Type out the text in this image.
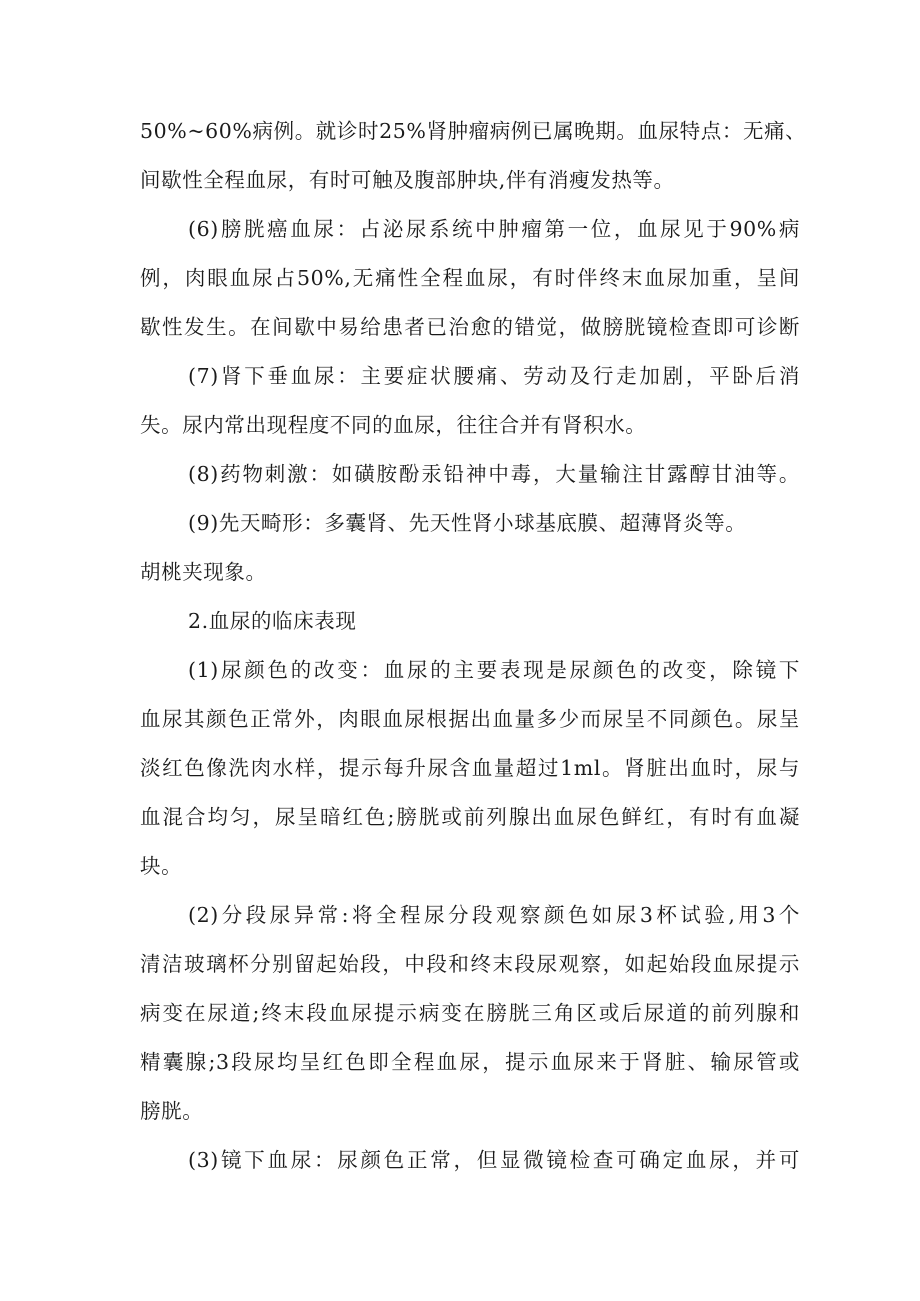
50%~60%病例。就诊时25%肾肿瘤病例已属晚期。血尿特点：无痛、
间歇性全程血尿，有时可触及腹部肿块,伴有消瘦发热等。
(6)膀胱癌血尿：占泌尿系统中肿瘤第一位，血尿见于90%病
例，肉眼血尿占50%,无痛性全程血尿，有时伴终末血尿加重，呈间
歇性发生。在间歇中易给患者已治愈的错觉，做膀胱镜检查即可诊断
(7)肾下垂血尿：主要症状腰痛、劳动及行走加剧，平卧后消
失。尿内常出现程度不同的血尿，往往合并有肾积水。
(8)药物刺激：如磺胺酚汞铅神中毒，大量输注甘露醇甘油等。
(9)先天畸形：多囊肾、先天性肾小球基底膜、超薄肾炎等。
胡桃夹现象。
2.血尿的临床表现
(1)尿颜色的改变：血尿的主要表现是尿颜色的改变，除镜下
血尿其颜色正常外，肉眼血尿根据出血量多少而尿呈不同颜色。尿呈
淡红色像洗肉水样，提示每升尿含血量超过1ml。肾脏出血时，尿与
血混合均匀，尿呈暗红色;膀胱或前列腺出血尿色鲜红，有时有血凝
块。
(2)分段尿异常:将全程尿分段观察颜色如尿3杯试验,用3个
清洁玻璃杯分别留起始段，中段和终末段尿观察，如起始段血尿提示
病变在尿道;终末段血尿提示病变在膀胱三角区或后尿道的前列腺和
精囊腺;3段尿均呈红色即全程血尿，提示血尿来于肾脏、输尿管或
膀胱。
(3)镜下血尿：尿颜色正常，但显微镜检查可确定血尿，并可
